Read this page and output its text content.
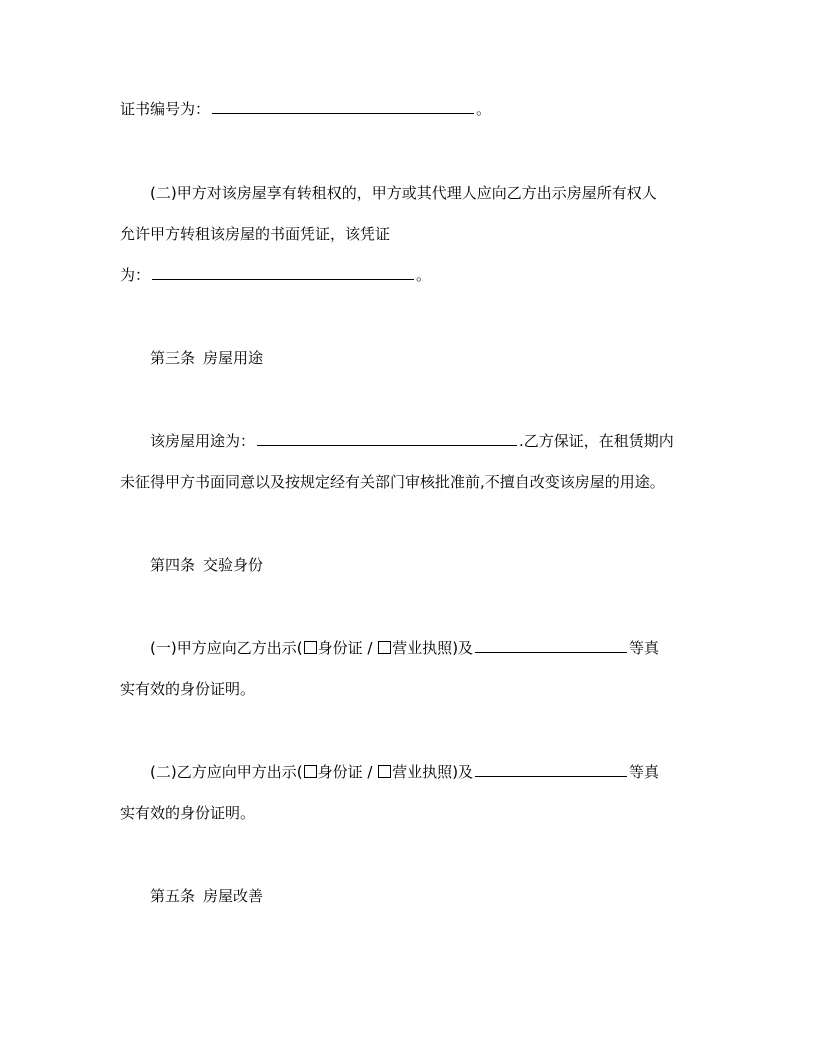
证书编号为：	。
(二)甲方对该房屋享有转租权的，甲方或其代理人应向乙方出示房屋所有权人
允许甲方转租该房屋的书面凭证，该凭证
为：	。
第三条 房屋用途
该房屋用途为：	.乙方保证，在租赁期内
未征得甲方书面同意以及按规定经有关部门审核批准前,不擅自改变该房屋的用途。
第四条 交验身份
(一)甲方应向乙方出示( 身份证 / 营业执照)及	等真
实有效的身份证明。
(二)乙方应向甲方出示( 身份证 / 营业执照)及	等真
实有效的身份证明。
第五条 房屋改善
